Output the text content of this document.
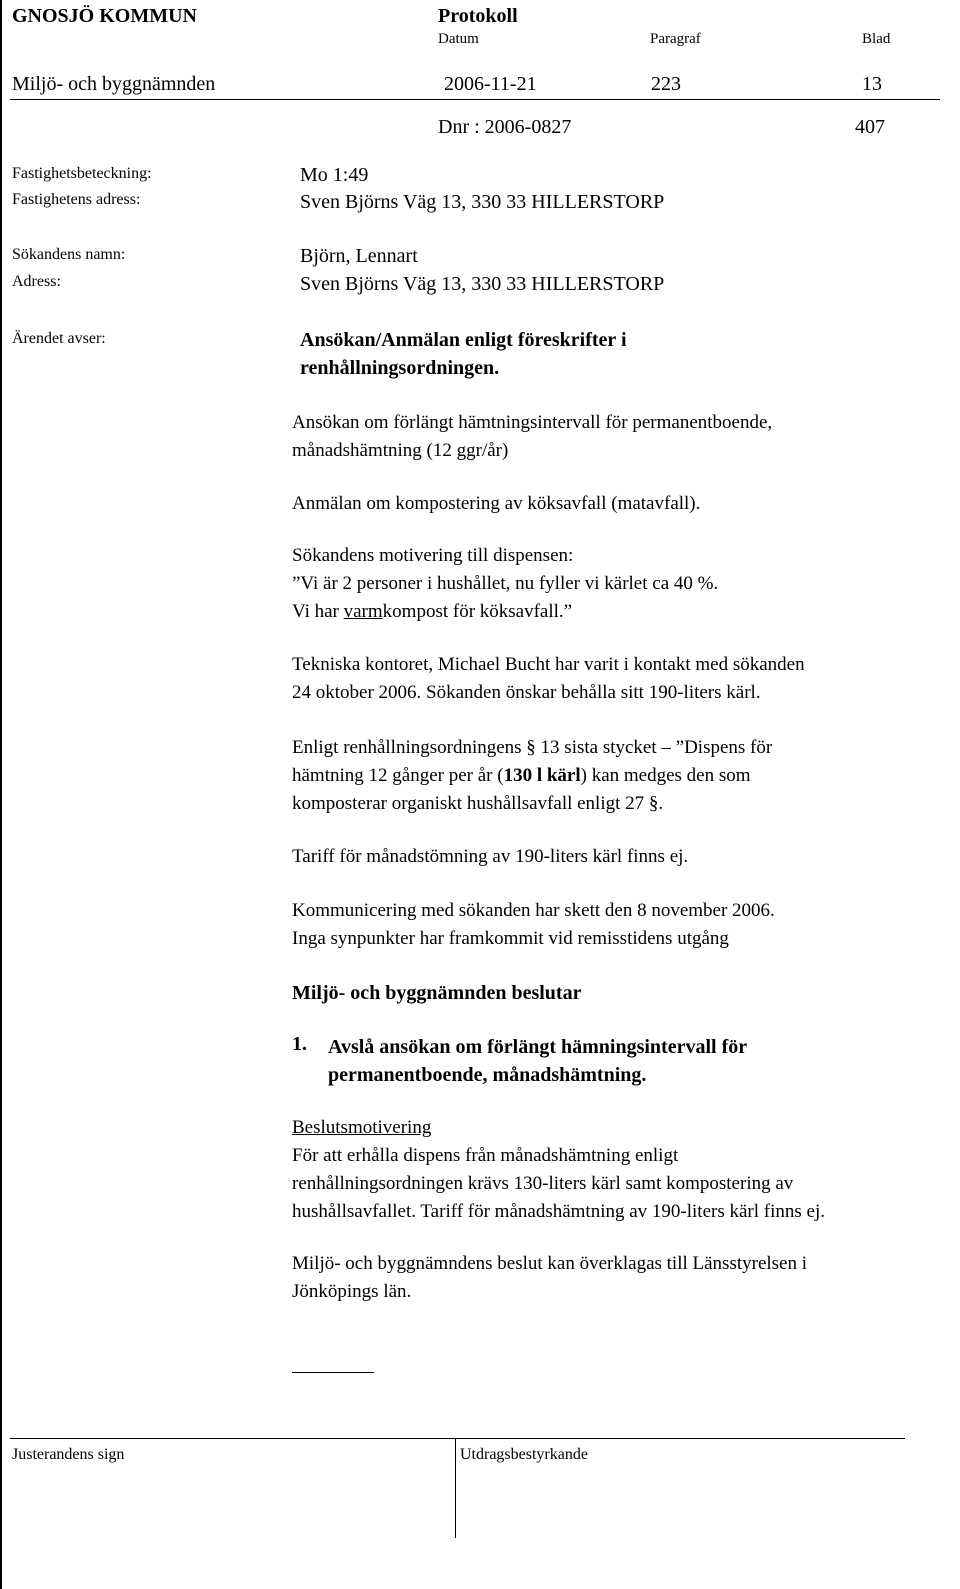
GNOSJÖ KOMMUN	Protokoll
Datum	Paragraf	Blad
Miljö- och byggnämnden	2006-11-21	223	13
Dnr : 2006-0827	407
Fastighetsbeteckning:	Mo 1:49
Fastighetens adress:	Sven Björns Väg 13, 330 33 HILLERSTORP
Sökandens namn:	Björn, Lennart
Adress:	Sven Björns Väg 13, 330 33 HILLERSTORP
Ärendet avser:	Ansökan/Anmälan enligt föreskrifter i
renhållningsordningen.
Ansökan om förlängt hämtningsintervall för permanentboende,
månadshämtning (12 ggr/år)
Anmälan om kompostering av köksavfall (matavfall).
Sökandens motivering till dispensen:
”Vi är 2 personer i hushållet, nu fyller vi kärlet ca 40 %.
Vi har varmkompost för köksavfall.”
Tekniska kontoret, Michael Bucht har varit i kontakt med sökanden
24 oktober 2006. Sökanden önskar behålla sitt 190-liters kärl.
Enligt renhållningsordningens § 13 sista stycket – ”Dispens för
hämtning 12 gånger per år (130 l kärl) kan medges den som
komposterar organiskt hushållsavfall enligt 27 §.
Tariff för månadstömning av 190-liters kärl finns ej.
Kommunicering med sökanden har skett den 8 november 2006.
Inga synpunkter har framkommit vid remisstidens utgång
Miljö- och byggnämnden beslutar
1. Avslå ansökan om förlängt hämningsintervall för
permanentboende, månadshämtning.
Beslutsmotivering
För att erhålla dispens från månadshämtning enligt
renhållningsordningen krävs 130-liters kärl samt kompostering av
hushållsavfallet. Tariff för månadshämtning av 190-liters kärl finns ej.
Miljö- och byggnämndens beslut kan överklagas till Länsstyrelsen i
Jönköpings län.
Justerandens sign	Utdragsbestyrkande
